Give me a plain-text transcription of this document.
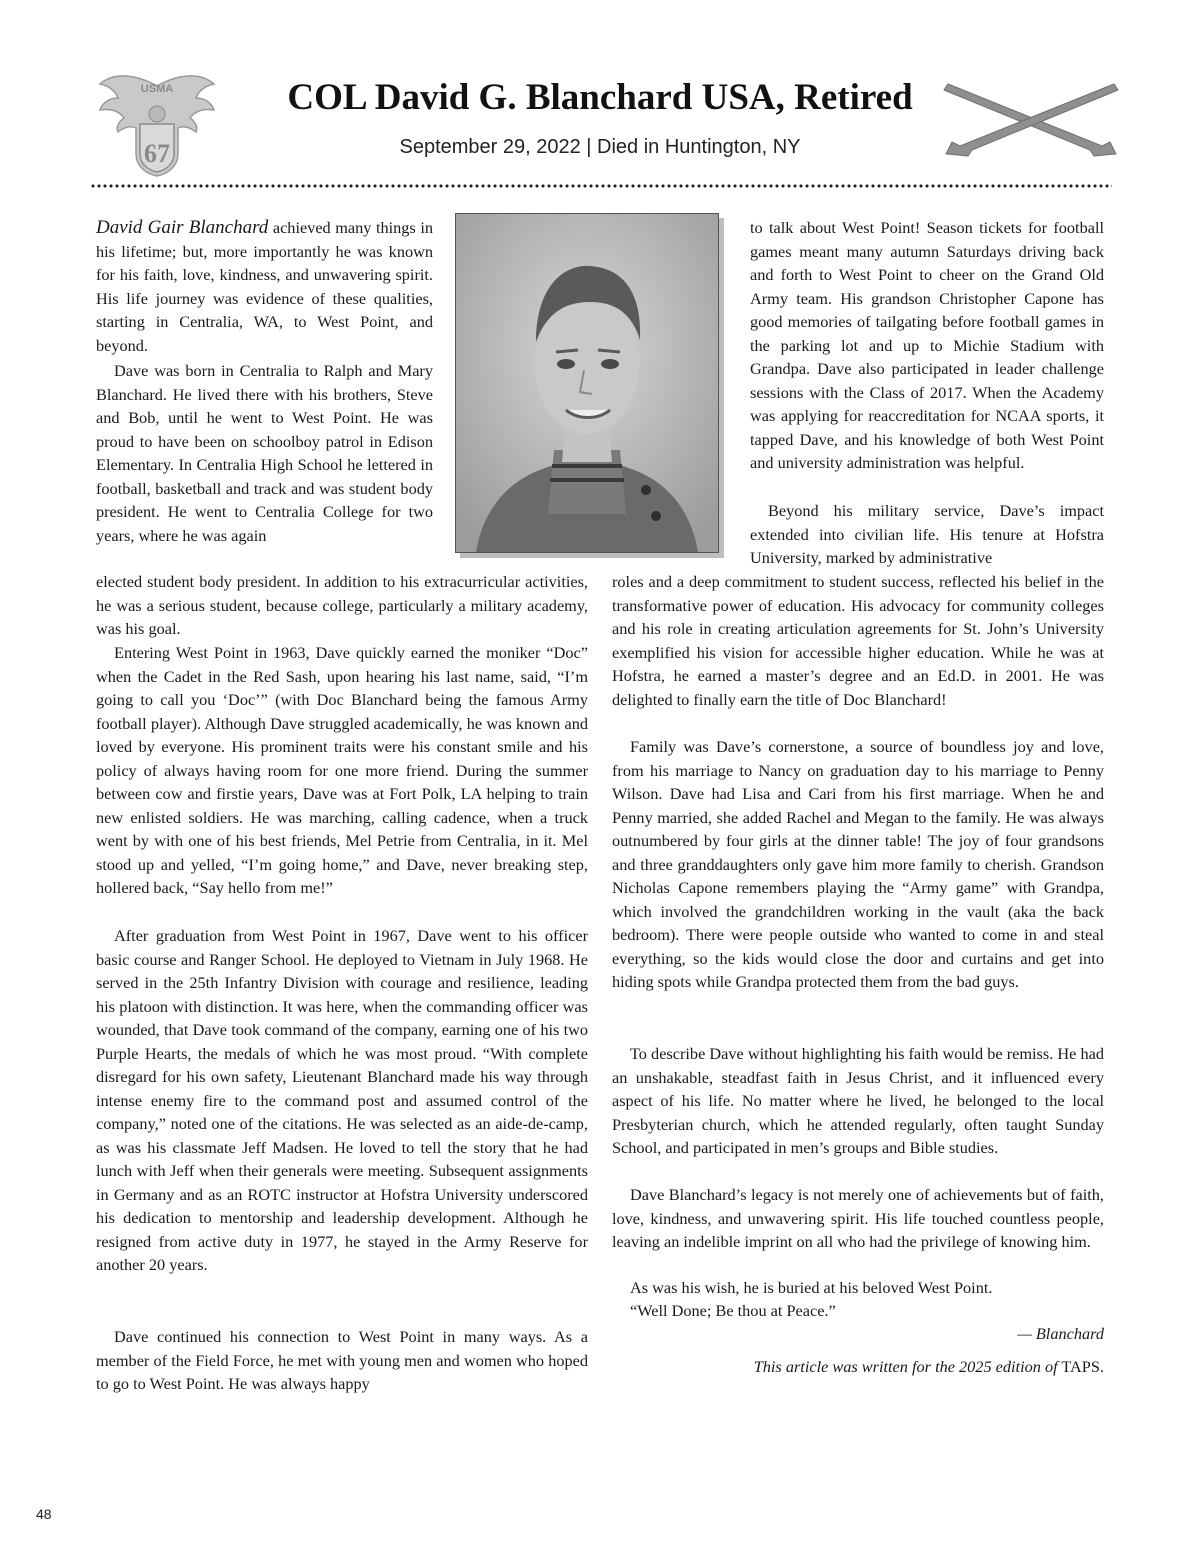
USMA
67
COL David G. Blanchard USA, Retired

September 29, 2022 | Died in Huntington, NY

David Gair Blanchard achieved many things in his lifetime; but, more importantly he was known for his faith, love, kindness, and unwavering spirit. His life journey was evidence of these qualities, starting in Centralia, WA, to West Point, and beyond.

Dave was born in Centralia to Ralph and Mary Blanchard. He lived there with his brothers, Steve and Bob, until he went to West Point. He was proud to have been on schoolboy patrol in Edison Elementary. In Centralia High School he lettered in football, basketball and track and was student body president. He went to Centralia College for two years, where he was again

elected student body president. In addition to his extracurricular activities, he was a serious student, because college, particularly a military academy, was his goal.

Entering West Point in 1963, Dave quickly earned the moniker “Doc” when the Cadet in the Red Sash, upon hearing his last name, said, “I’m going to call you ‘Doc’” (with Doc Blanchard being the famous Army football player). Although Dave struggled academically, he was known and loved by everyone. His prominent traits were his constant smile and his policy of always having room for one more friend. During the summer between cow and firstie years, Dave was at Fort Polk, LA helping to train new enlisted soldiers. He was marching, calling cadence, when a truck went by with one of his best friends, Mel Petrie from Centralia, in it. Mel stood up and yelled, “I’m going home,” and Dave, never breaking step, hollered back, “Say hello from me!”

After graduation from West Point in 1967, Dave went to his officer basic course and Ranger School. He deployed to Vietnam in July 1968. He served in the 25th Infantry Division with courage and resilience, leading his platoon with distinction. It was here, when the commanding officer was wounded, that Dave took command of the company, earning one of his two Purple Hearts, the medals of which he was most proud. “With complete disregard for his own safety, Lieutenant Blanchard made his way through intense enemy fire to the command post and assumed control of the company,” noted one of the citations. He was selected as an aide-de-camp, as was his classmate Jeff Madsen. He loved to tell the story that he had lunch with Jeff when their generals were meeting. Subsequent assignments in Germany and as an ROTC instructor at Hofstra University underscored his dedication to mentorship and leadership development. Although he resigned from active duty in 1977, he stayed in the Army Reserve for another 20 years.

Dave continued his connection to West Point in many ways. As a member of the Field Force, he met with young men and women who hoped to go to West Point. He was always happy

to talk about West Point! Season tickets for football games meant many autumn Saturdays driving back and forth to West Point to cheer on the Grand Old Army team. His grandson Christopher Capone has good memories of tailgating before football games in the parking lot and up to Michie Stadium with Grandpa. Dave also participated in leader challenge sessions with the Class of 2017. When the Academy was applying for reaccreditation for NCAA sports, it tapped Dave, and his knowledge of both West Point and university administration was helpful.

Beyond his military service, Dave’s impact extended into civilian life. His tenure at Hofstra University, marked by administrative

roles and a deep commitment to student success, reflected his belief in the transformative power of education. His advocacy for community colleges and his role in creating articulation agreements for St. John’s University exemplified his vision for accessible higher education. While he was at Hofstra, he earned a master’s degree and an Ed.D. in 2001. He was delighted to finally earn the title of Doc Blanchard!

Family was Dave’s cornerstone, a source of boundless joy and love, from his marriage to Nancy on graduation day to his marriage to Penny Wilson. Dave had Lisa and Cari from his first marriage. When he and Penny married, she added Rachel and Megan to the family. He was always outnumbered by four girls at the dinner table! The joy of four grandsons and three granddaughters only gave him more family to cherish. Grandson Nicholas Capone remembers playing the “Army game” with Grandpa, which involved the grandchildren working in the vault (aka the back bedroom). There were people outside who wanted to come in and steal everything, so the kids would close the door and curtains and get into hiding spots while Grandpa protected them from the bad guys.

To describe Dave without highlighting his faith would be remiss. He had an unshakable, steadfast faith in Jesus Christ, and it influenced every aspect of his life. No matter where he lived, he belonged to the local Presbyterian church, which he attended regularly, often taught Sunday School, and participated in men’s groups and Bible studies.

Dave Blanchard’s legacy is not merely one of achievements but of faith, love, kindness, and unwavering spirit. His life touched countless people, leaving an indelible imprint on all who had the privilege of knowing him.

As was his wish, he is buried at his beloved West Point.

“Well Done; Be thou at Peace.”

— Blanchard

This article was written for the 2025 edition of TAPS.

48
